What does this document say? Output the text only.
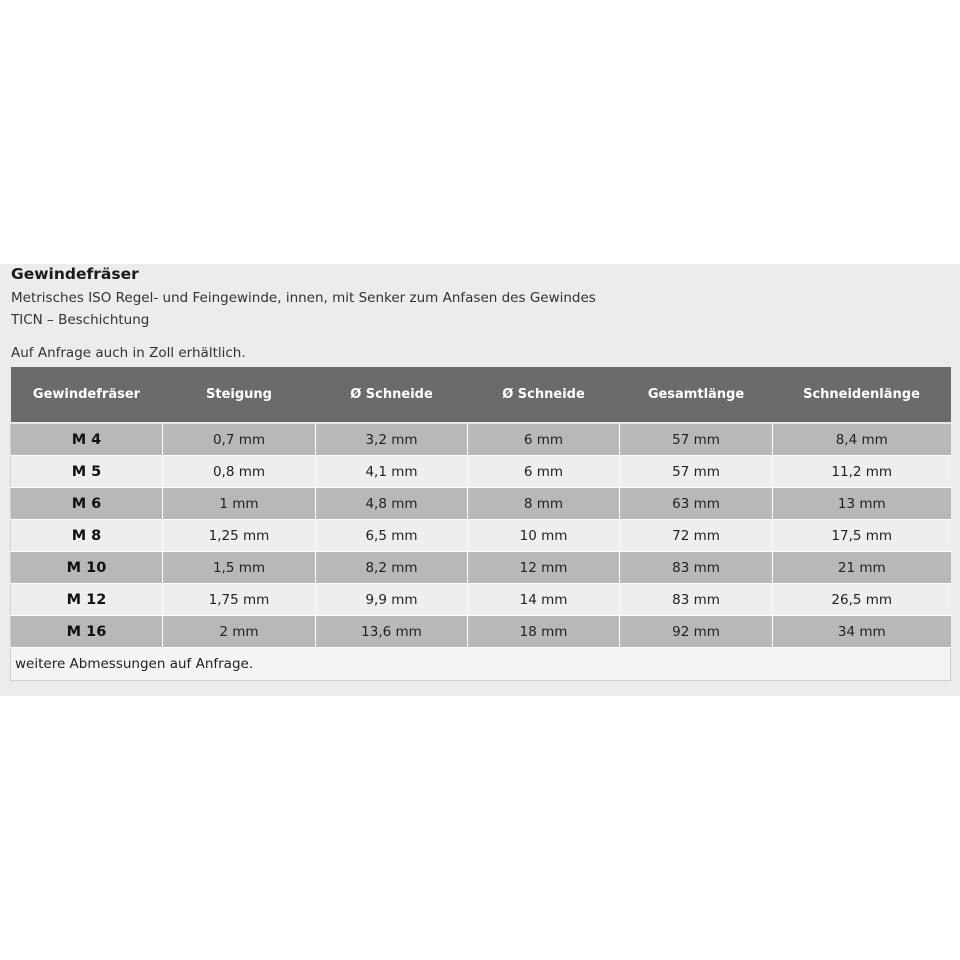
Gewindefräser
Metrisches ISO Regel- und Feingewinde, innen, mit Senker zum Anfasen des Gewindes
TICN – Beschichtung
Auf Anfrage auch in Zoll erhältlich.
Gewindefräser	Steigung	Ø Schneide	Ø Schneide	Gesamtlänge	Schneidenlänge
M 4	0,7 mm	3,2 mm	6 mm	57 mm	8,4 mm
M 5	0,8 mm	4,1 mm	6 mm	57 mm	11,2 mm
M 6	1 mm	4,8 mm	8 mm	63 mm	13 mm
M 8	1,25 mm	6,5 mm	10 mm	72 mm	17,5 mm
M 10	1,5 mm	8,2 mm	12 mm	83 mm	21 mm
M 12	1,75 mm	9,9 mm	14 mm	83 mm	26,5 mm
M 16	2 mm	13,6 mm	18 mm	92 mm	34 mm
weitere Abmessungen auf Anfrage.					
